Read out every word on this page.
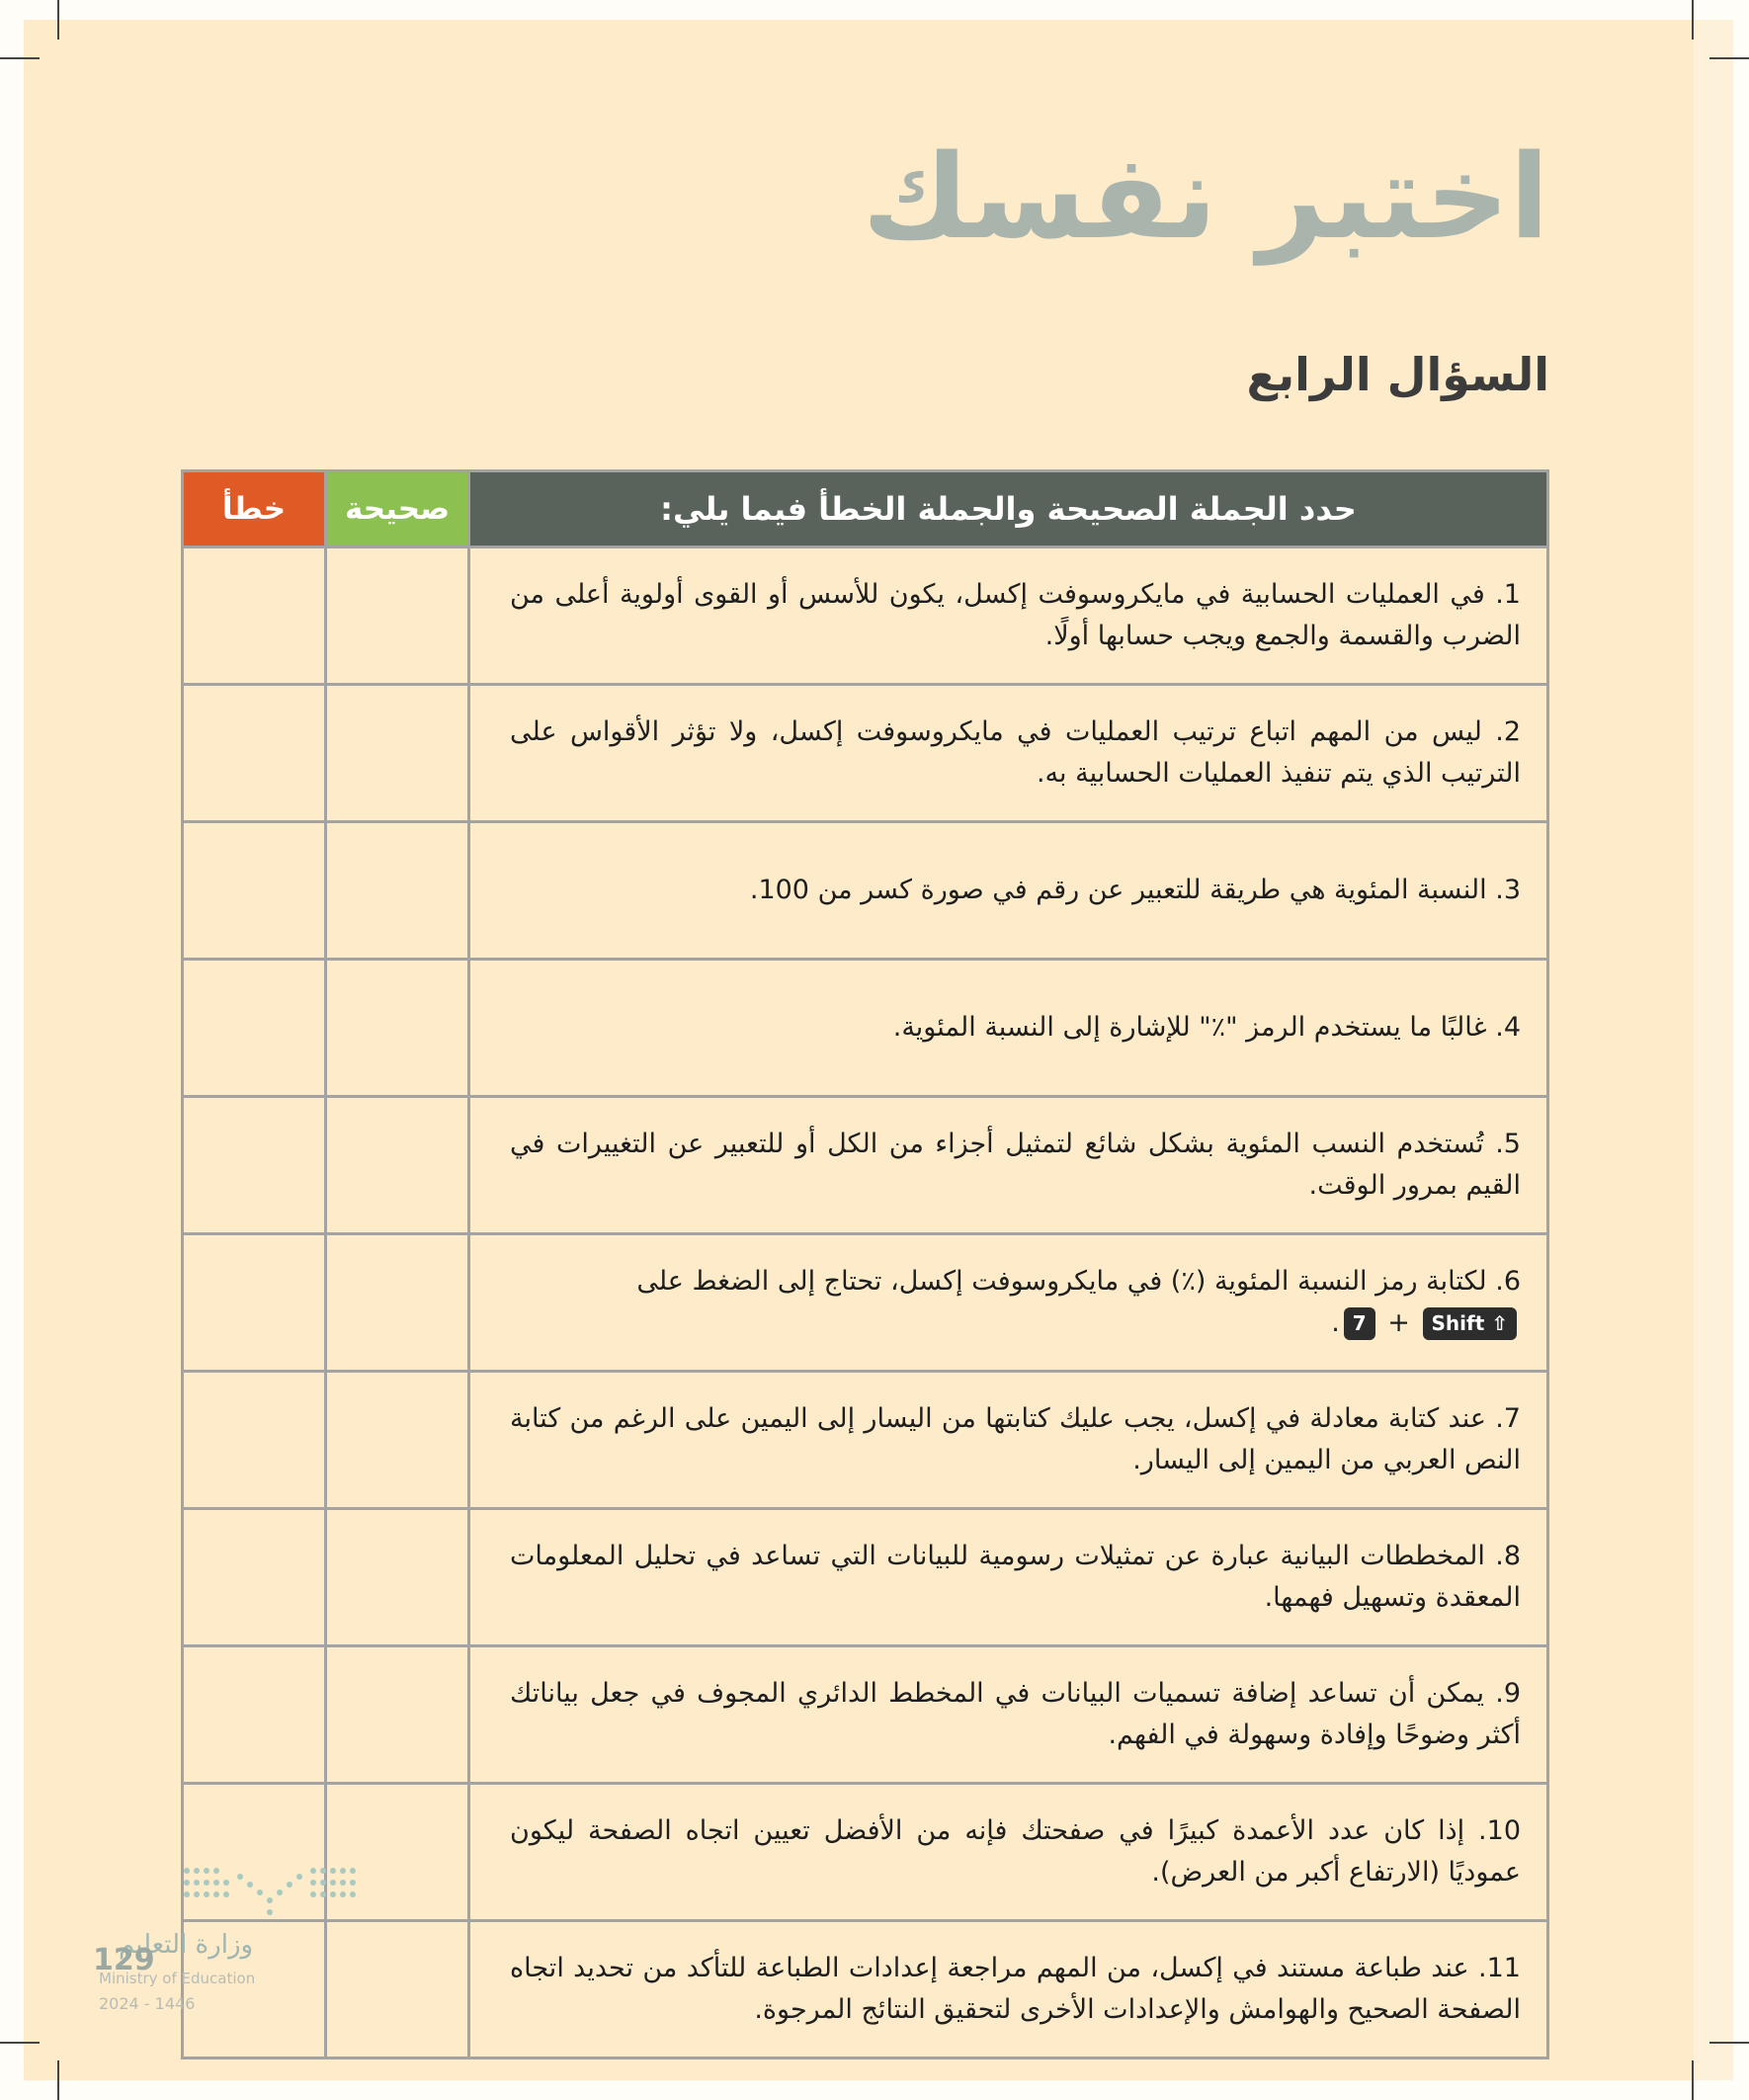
اختبر نفسك
السؤال الرابع
حدد الجملة الصحيحة والجملة الخطأ فيما يلي:	صحيحة	خطأ
1. في العمليات الحسابية في مايكروسوفت إكسل، يكون للأسس أو القوى أولوية أعلى من الضرب والقسمة والجمع ويجب حسابها أولًا.		
2. ليس من المهم اتباع ترتيب العمليات في مايكروسوفت إكسل، ولا تؤثر الأقواس على الترتيب الذي يتم تنفيذ العمليات الحسابية به.		
3. النسبة المئوية هي طريقة للتعبير عن رقم في صورة كسر من 100.		
4. غالبًا ما يستخدم الرمز "٪" للإشارة إلى النسبة المئوية.		
5. تُستخدم النسب المئوية بشكل شائع لتمثيل أجزاء من الكل أو للتعبير عن التغييرات في القيم بمرور الوقت.		
6. لكتابة رمز النسبة المئوية (٪) في مايكروسوفت إكسل، تحتاج إلى الضغط على
7 + Shift ⇧.		
7. عند كتابة معادلة في إكسل، يجب عليك كتابتها من اليسار إلى اليمين على الرغم من كتابة النص العربي من اليمين إلى اليسار.		
8. المخططات البيانية عبارة عن تمثيلات رسومية للبيانات التي تساعد في تحليل المعلومات المعقدة وتسهيل فهمها.		
9. يمكن أن تساعد إضافة تسميات البيانات في المخطط الدائري المجوف في جعل بياناتك أكثر وضوحًا وإفادة وسهولة في الفهم.		
10. إذا كان عدد الأعمدة كبيرًا في صفحتك فإنه من الأفضل تعيين اتجاه الصفحة ليكون عموديًا (الارتفاع أكبر من العرض).		
11. عند طباعة مستند في إكسل، من المهم مراجعة إعدادات الطباعة للتأكد من تحديد اتجاه الصفحة الصحيح والهوامش والإعدادات الأخرى لتحقيق النتائج المرجوة.		
وزارة التعليم
129
Ministry of Education
2024 - 1446
